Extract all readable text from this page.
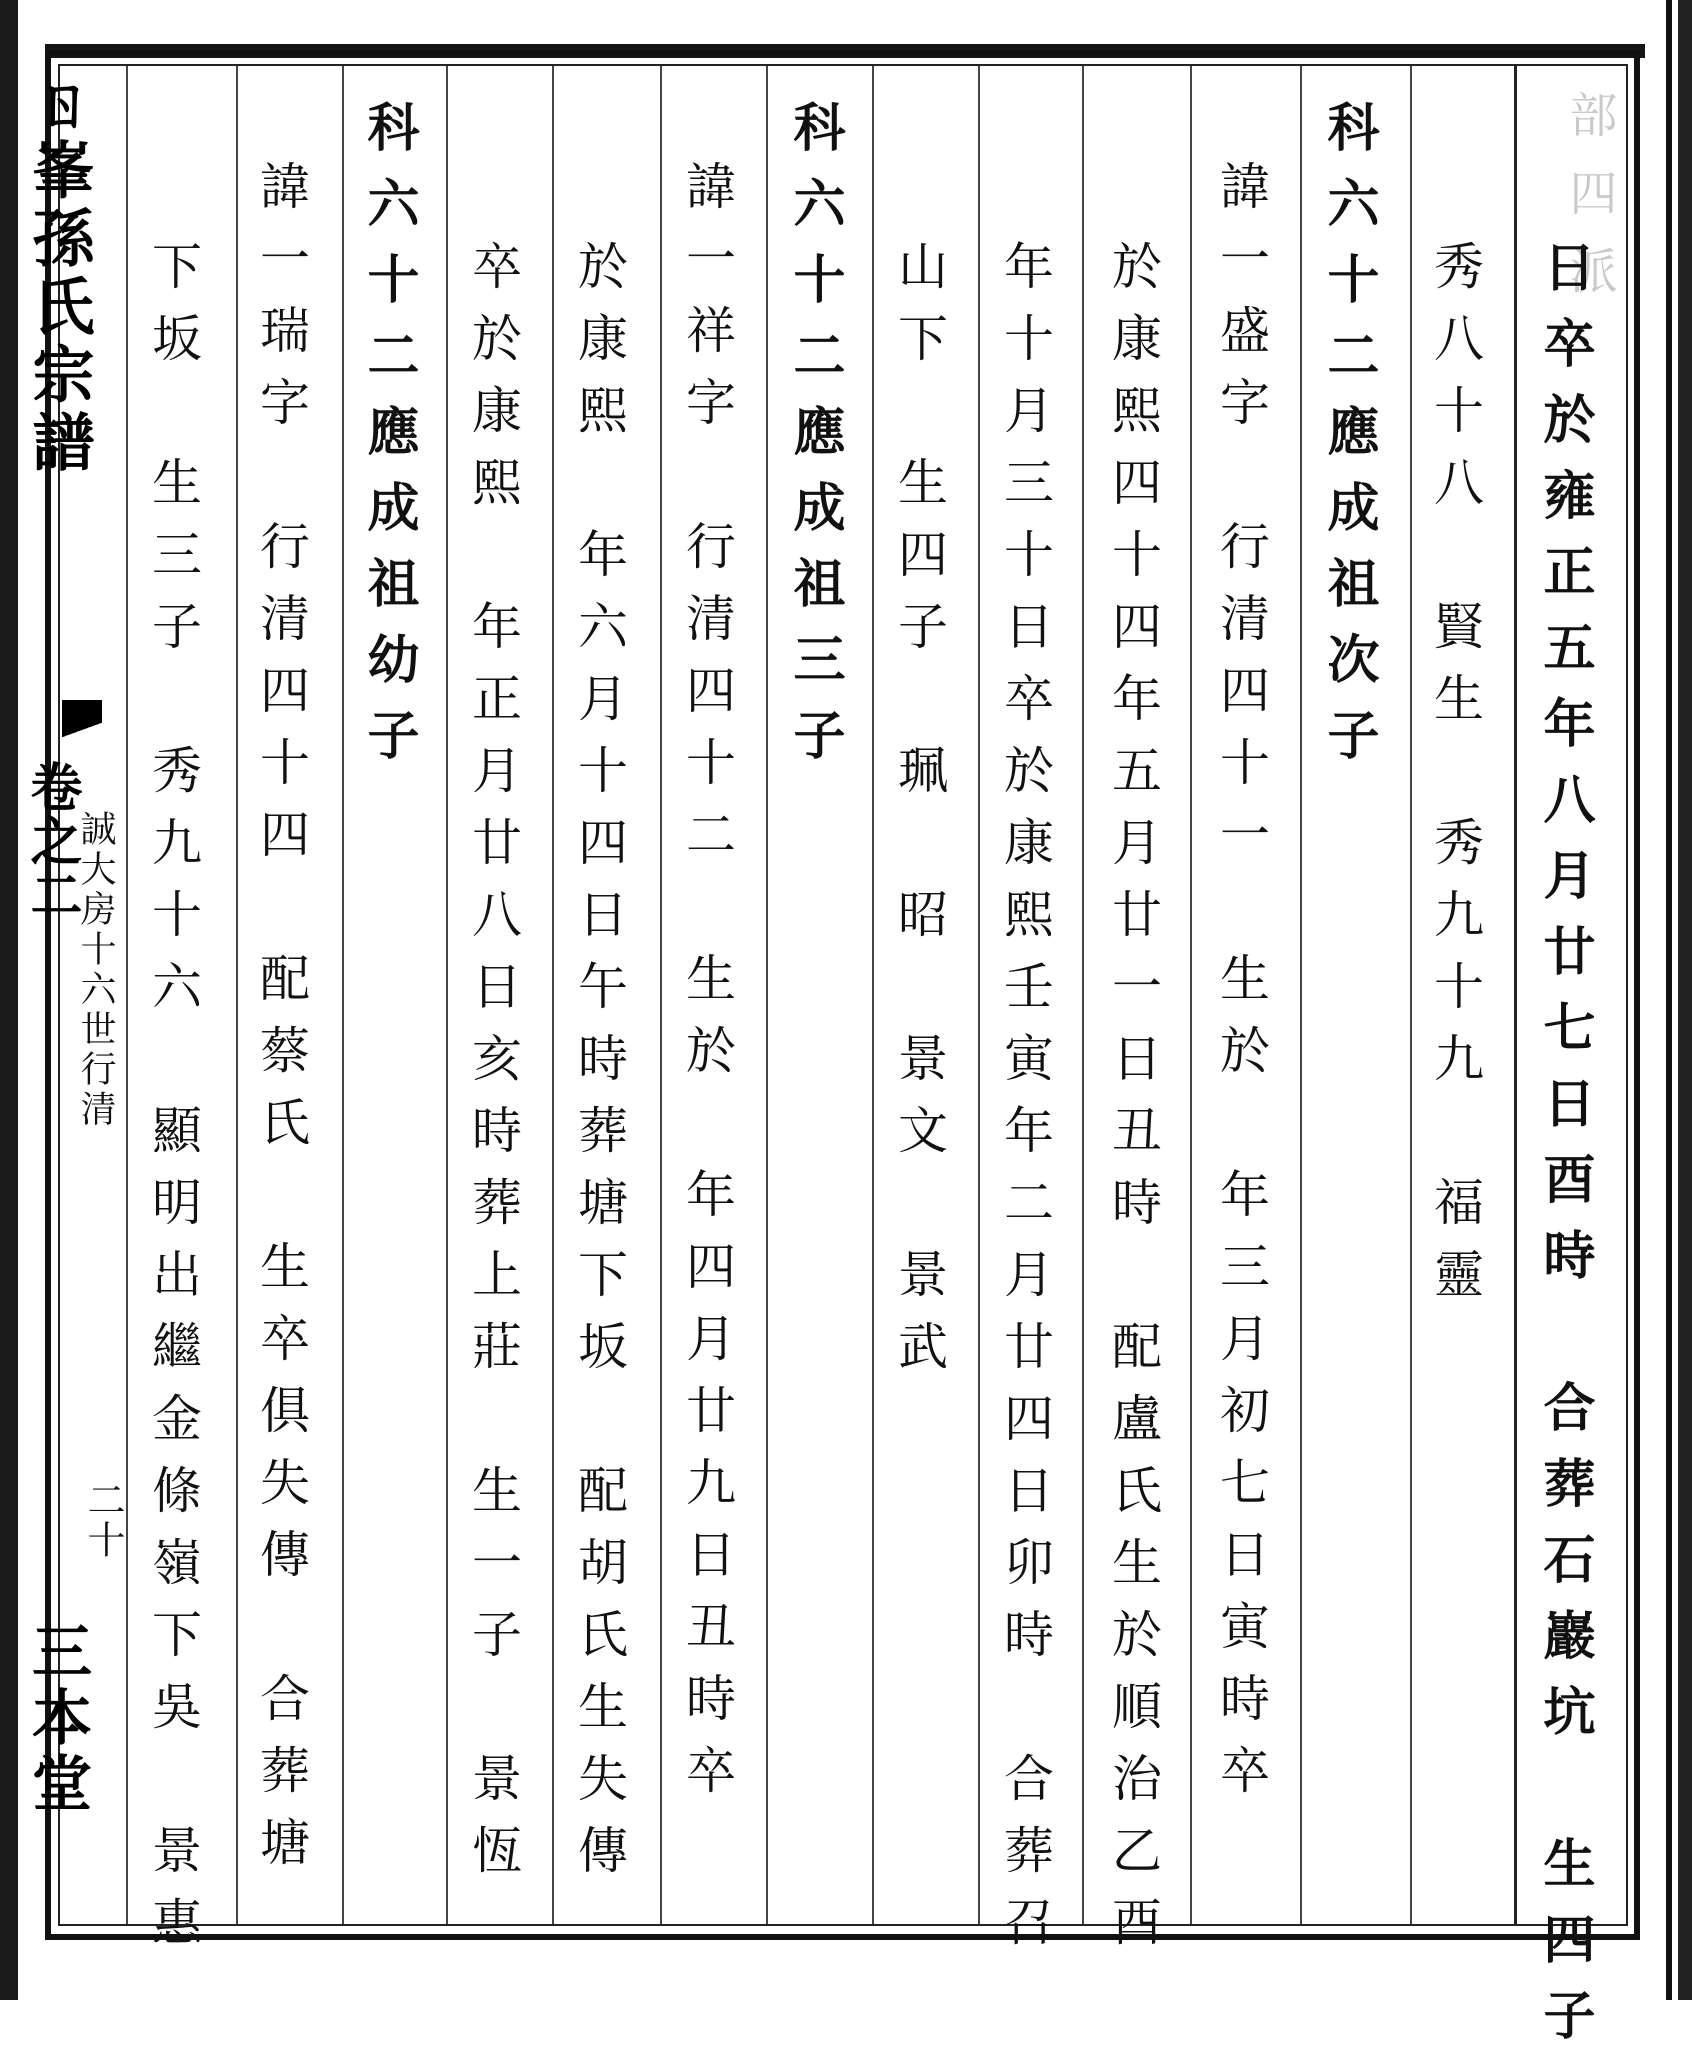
部四派
日卒於雍正五年八月廿七日酉時　合葬石巖坑　生四子
秀八十八　賢生　秀九十九　福靈
科六十二應成祖次子
諱一盛字　行清四十一　生於　年三月初七日寅時卒
於康熙四十四年五月廿一日丑時　配盧氏生於順治乙酉
年十月三十日卒於康熙壬寅年二月廿四日卯時　合葬召
山下　生四子　珮　昭　景文　景武
科六十二應成祖三子
諱一祥字　行清四十二　生於　年四月廿九日丑時卒
於康熙　年六月十四日午時葬塘下坂　配胡氏生失傳
卒於康熙　年正月廿八日亥時葬上莊　生一子　景恆
科六十二應成祖幼子
諱一瑞字　行清四十四　配蔡氏　生卒俱失傳　合葬塘
下坂　生三子　秀九十六　顯明出繼金條嶺下吳　景惠
ㄖ峯孫氏宗譜
卷之二
誠大房十六世行清
二十
三本堂
